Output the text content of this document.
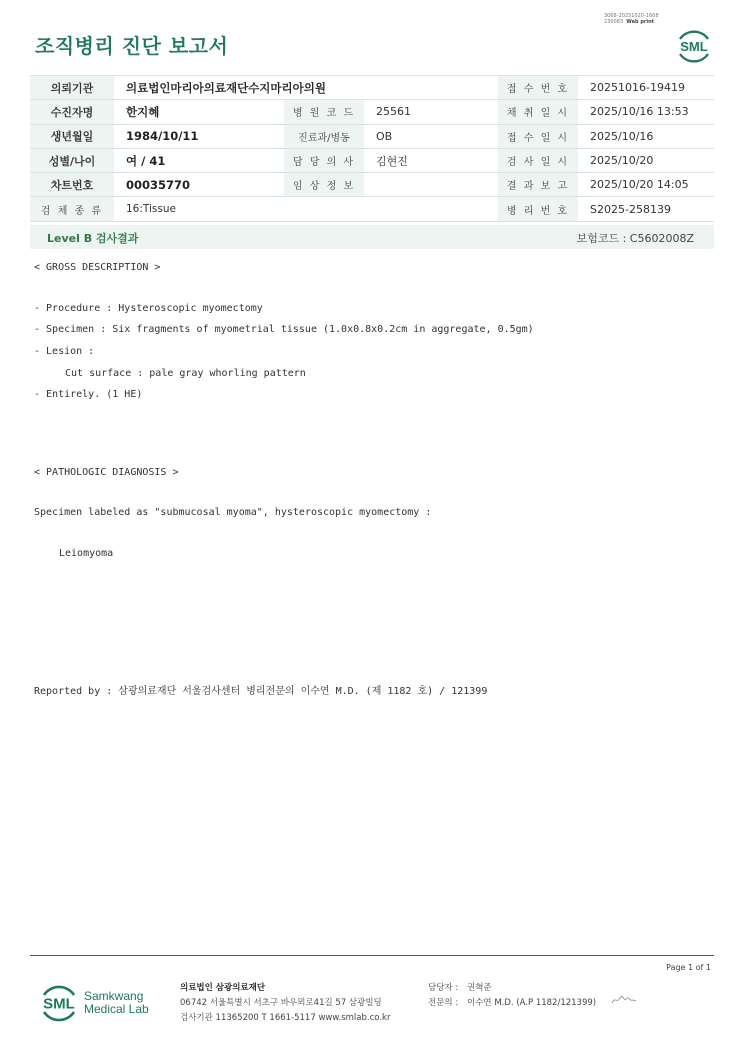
조직병리 진단 보고서
3068-20251020-1608
230083 Web print
SML
의뢰기관	의료법인마리아의료재단수지마리아의원			접 수 번 호	20251016-19419
수진자명	한지혜	병 원 코 드	25561	채 취 일 시	2025/10/16 13:53
생년월일	1984/10/11	진료과/병동	OB	접 수 일 시	2025/10/16
성별/나이	여 / 41	담 당 의 사	김현진	검 사 일 시	2025/10/20
차트번호	00035770	임 상 정 보		결 과 보 고	2025/10/20 14:05
검 체 종 류	16:Tissue			병 리 번 호	S2025-258139
Level B 검사결과	보험코드 : C5602008Z
< GROSS DESCRIPTION >
- Procedure : Hysteroscopic myomectomy
- Specimen : Six fragments of myometrial tissue (1.0x0.8x0.2cm in aggregate, 0.5gm)
- Lesion :
Cut surface : pale gray whorling pattern
- Entirely. (1 HE)
< PATHOLOGIC DIAGNOSIS >
Specimen labeled as "submucosal myoma", hysteroscopic myomectomy :
Leiomyoma
Reported by : 삼광의료재단 서울검사센터 병리전문의 이수연 M.D. (제 1182 호) / 121399
Page 1 of 1
SML Samkwang
Medical Lab
의료법인 삼광의료재단
06742 서울특별시 서초구 바우뫼로41길 57 삼광빌딩
검사기관 11365200 T 1661-5117 www.smlab.co.kr
담당자 : 권혁준
전문의 : 이수연 M.D. (A.P 1182/121399)
